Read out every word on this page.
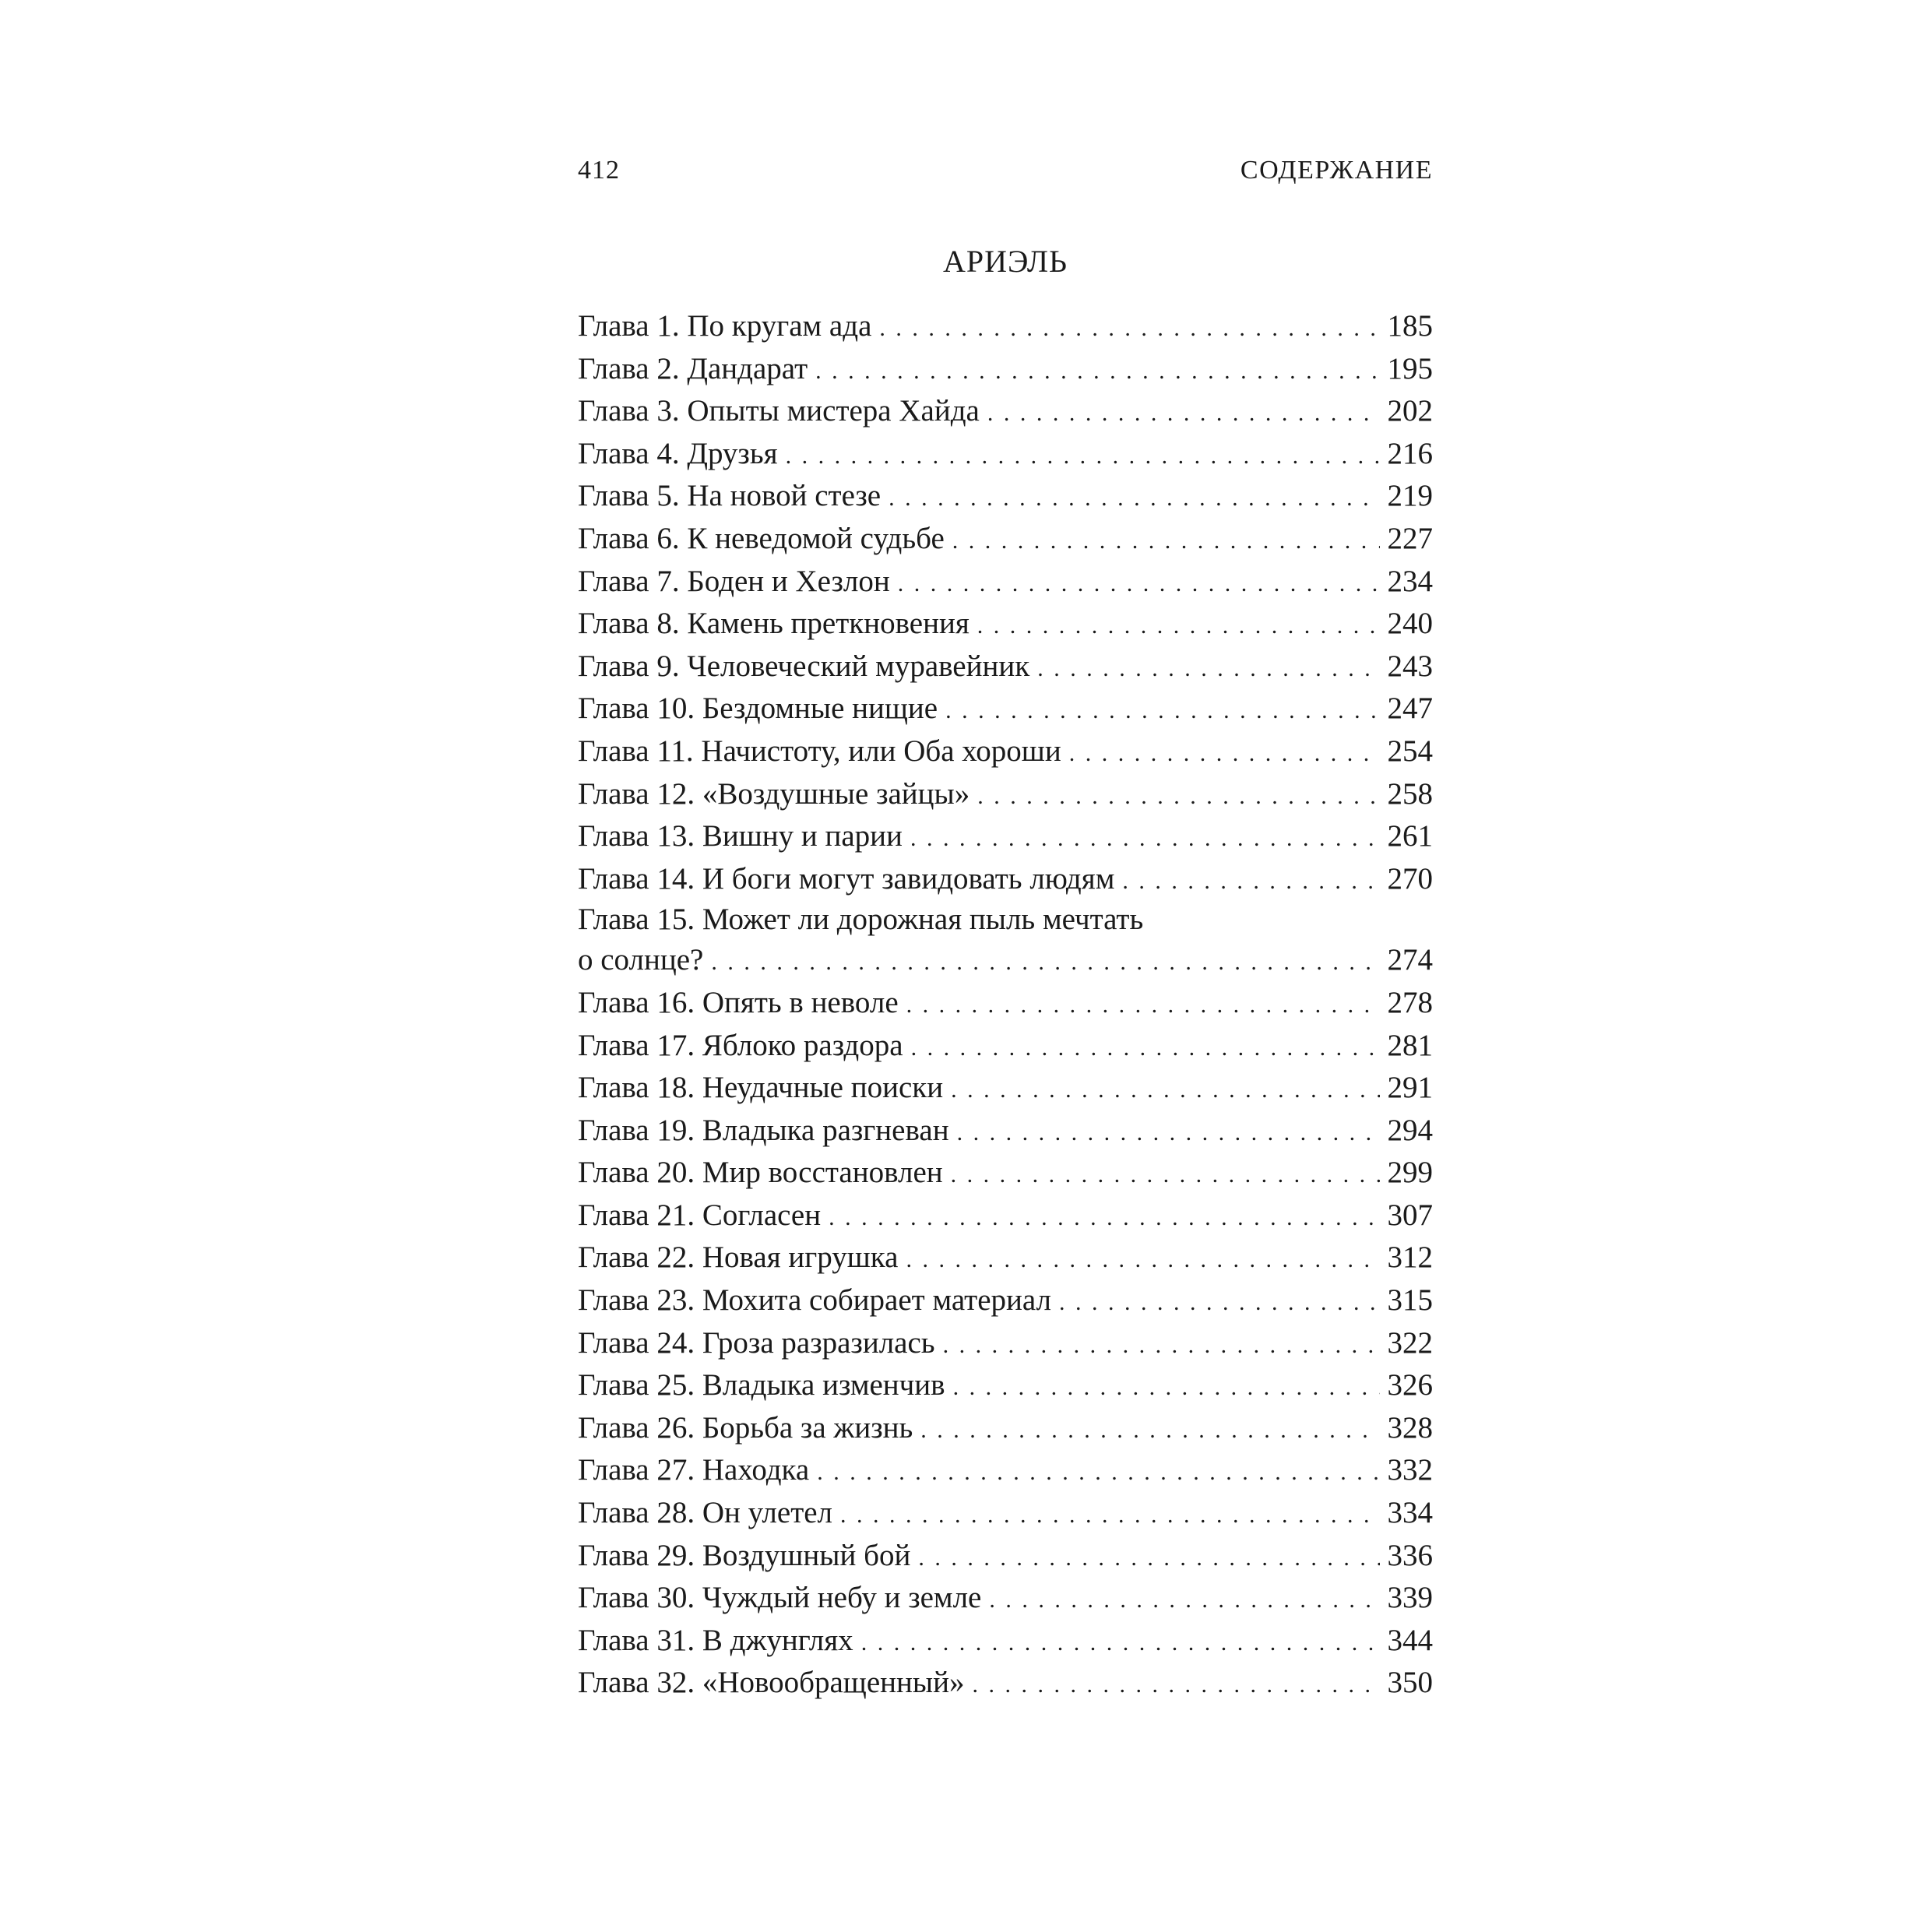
412	СОДЕРЖАНИЕ
АРИЭЛЬ
Глава 1. По кругам ада . . .	185
Глава 2. Дандарат . . .	195
Глава 3. Опыты мистера Хайда . . .	202
Глава 4. Друзья . . .	216
Глава 5. На новой стезе . . .	219
Глава 6. К неведомой судьбе . . .	227
Глава 7. Боден и Хезлон . . .	234
Глава 8. Камень преткновения . . .	240
Глава 9. Человеческий муравейник . . .	243
Глава 10. Бездомные нищие . . .	247
Глава 11. Начистоту, или Оба хороши . . .	254
Глава 12. «Воздушные зайцы» . . .	258
Глава 13. Вишну и парии . . .	261
Глава 14. И боги могут завидовать людям . . .	270
Глава 15. Может ли дорожная пыль мечтать
о солнце? . . .	274
Глава 16. Опять в неволе . . .	278
Глава 17. Яблоко раздора . . .	281
Глава 18. Неудачные поиски . . .	291
Глава 19. Владыка разгневан . . .	294
Глава 20. Мир восстановлен . . .	299
Глава 21. Согласен . . .	307
Глава 22. Новая игрушка . . .	312
Глава 23. Мохита собирает материал . . .	315
Глава 24. Гроза разразилась . . .	322
Глава 25. Владыка изменчив . . .	326
Глава 26. Борьба за жизнь . . .	328
Глава 27. Находка . . .	332
Глава 28. Он улетел . . .	334
Глава 29. Воздушный бой . . .	336
Глава 30. Чуждый небу и земле . . .	339
Глава 31. В джунглях . . .	344
Глава 32. «Новообращенный» . . .	350
